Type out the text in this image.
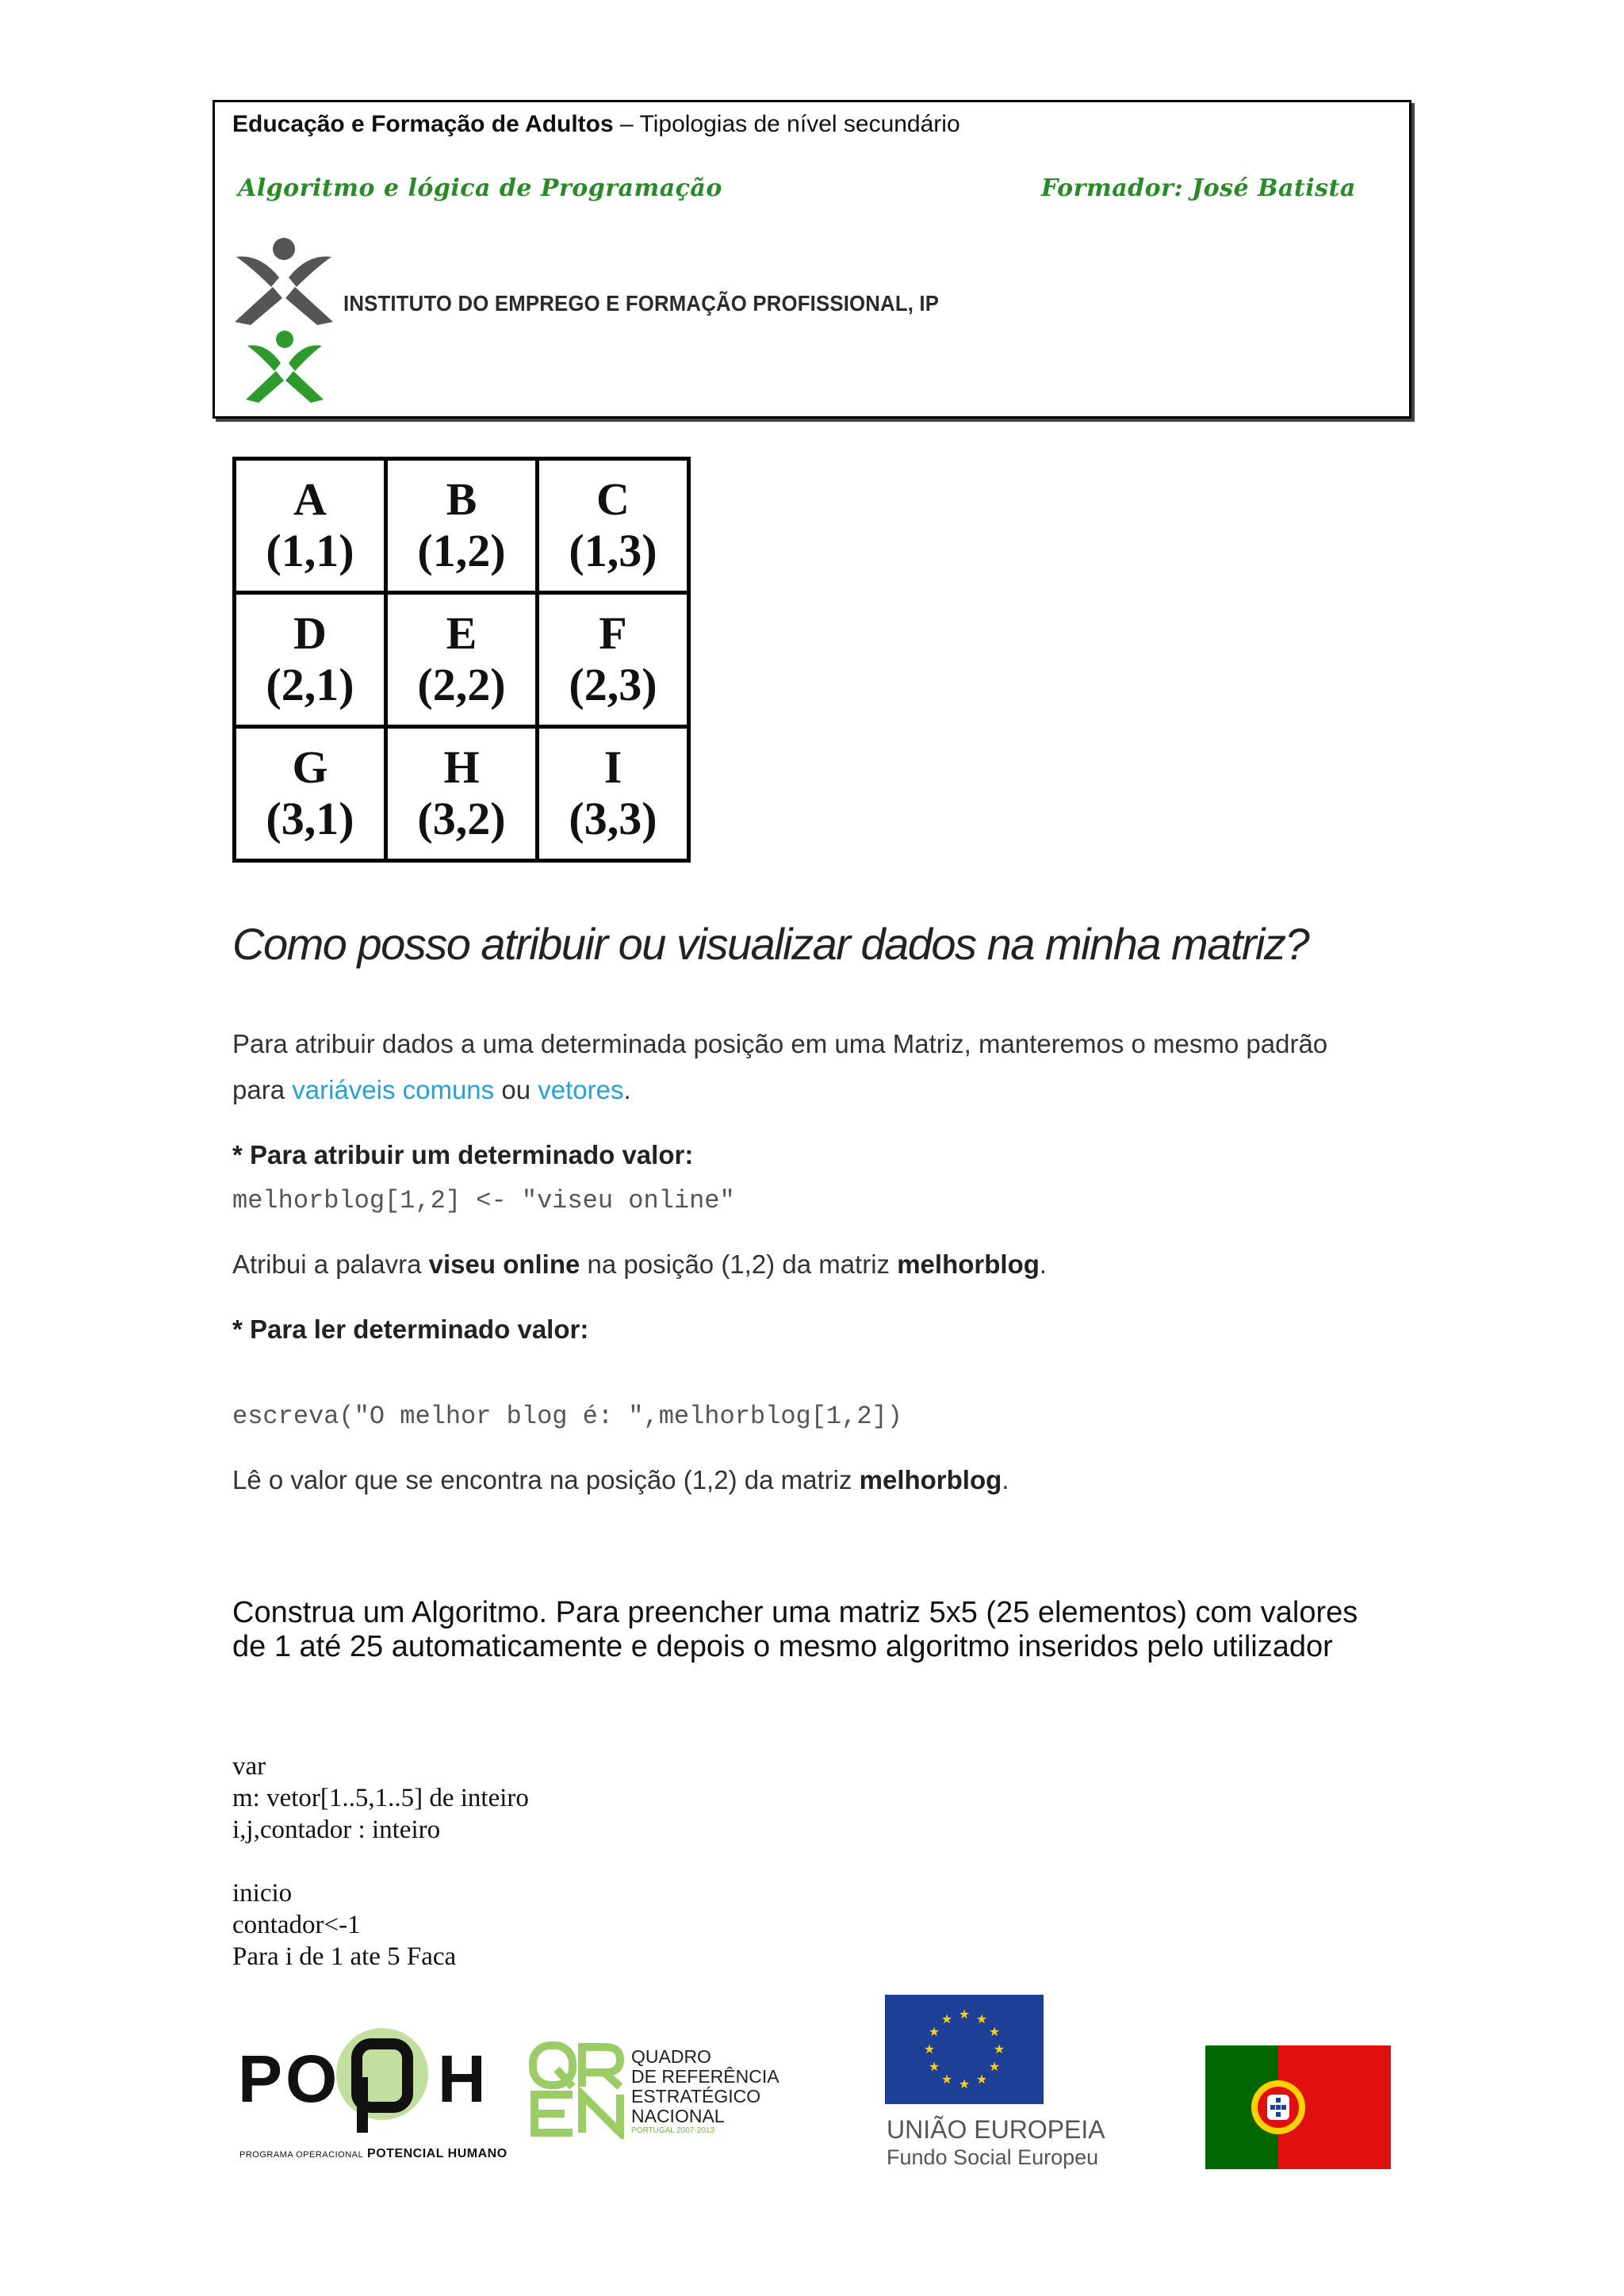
Educação e Formação de Adultos – Tipologias de nível secundário
Algoritmo e lógica de Programação	Formador: José Batista
INSTITUTO DO EMPREGO E FORMAÇÃO PROFISSIONAL, IP
A
(1,1)
B
(1,2)
C
(1,3)
D
(2,1)
E
(2,2)
F
(2,3)
G
(3,1)
H
(3,2)
I
(3,3)
Como posso atribuir ou visualizar dados na minha matriz?
Para atribuir dados a uma determinada posição em uma Matriz, manteremos o mesmo padrão
para variáveis comuns ou vetores.
* Para atribuir um determinado valor:
melhorblog[1,2] <- "viseu online"
Atribui a palavra viseu online na posição (1,2) da matriz melhorblog.
* Para ler determinado valor:
escreva("O melhor blog é: ",melhorblog[1,2])
Lê o valor que se encontra na posição (1,2) da matriz melhorblog.
Construa um Algoritmo. Para preencher uma matriz 5x5 (25 elementos) com valores
de 1 até 25 automaticamente e depois o mesmo algoritmo inseridos pelo utilizador
var
m: vetor[1..5,1..5] de inteiro
i,j,contador : inteiro
inicio
contador<-1
Para i de 1 ate 5 Faca
PO H
PROGRAMA OPERACIONAL POTENCIAL HUMANO
QUADRO
DE REFERÊNCIA
ESTRATÉGICO
NACIONAL
PORTUGAL 2007-2013
★ ★
★
★
★
★
★
★
★
★
★
★
UNIÃO EUROPEIA
Fundo Social Europeu
